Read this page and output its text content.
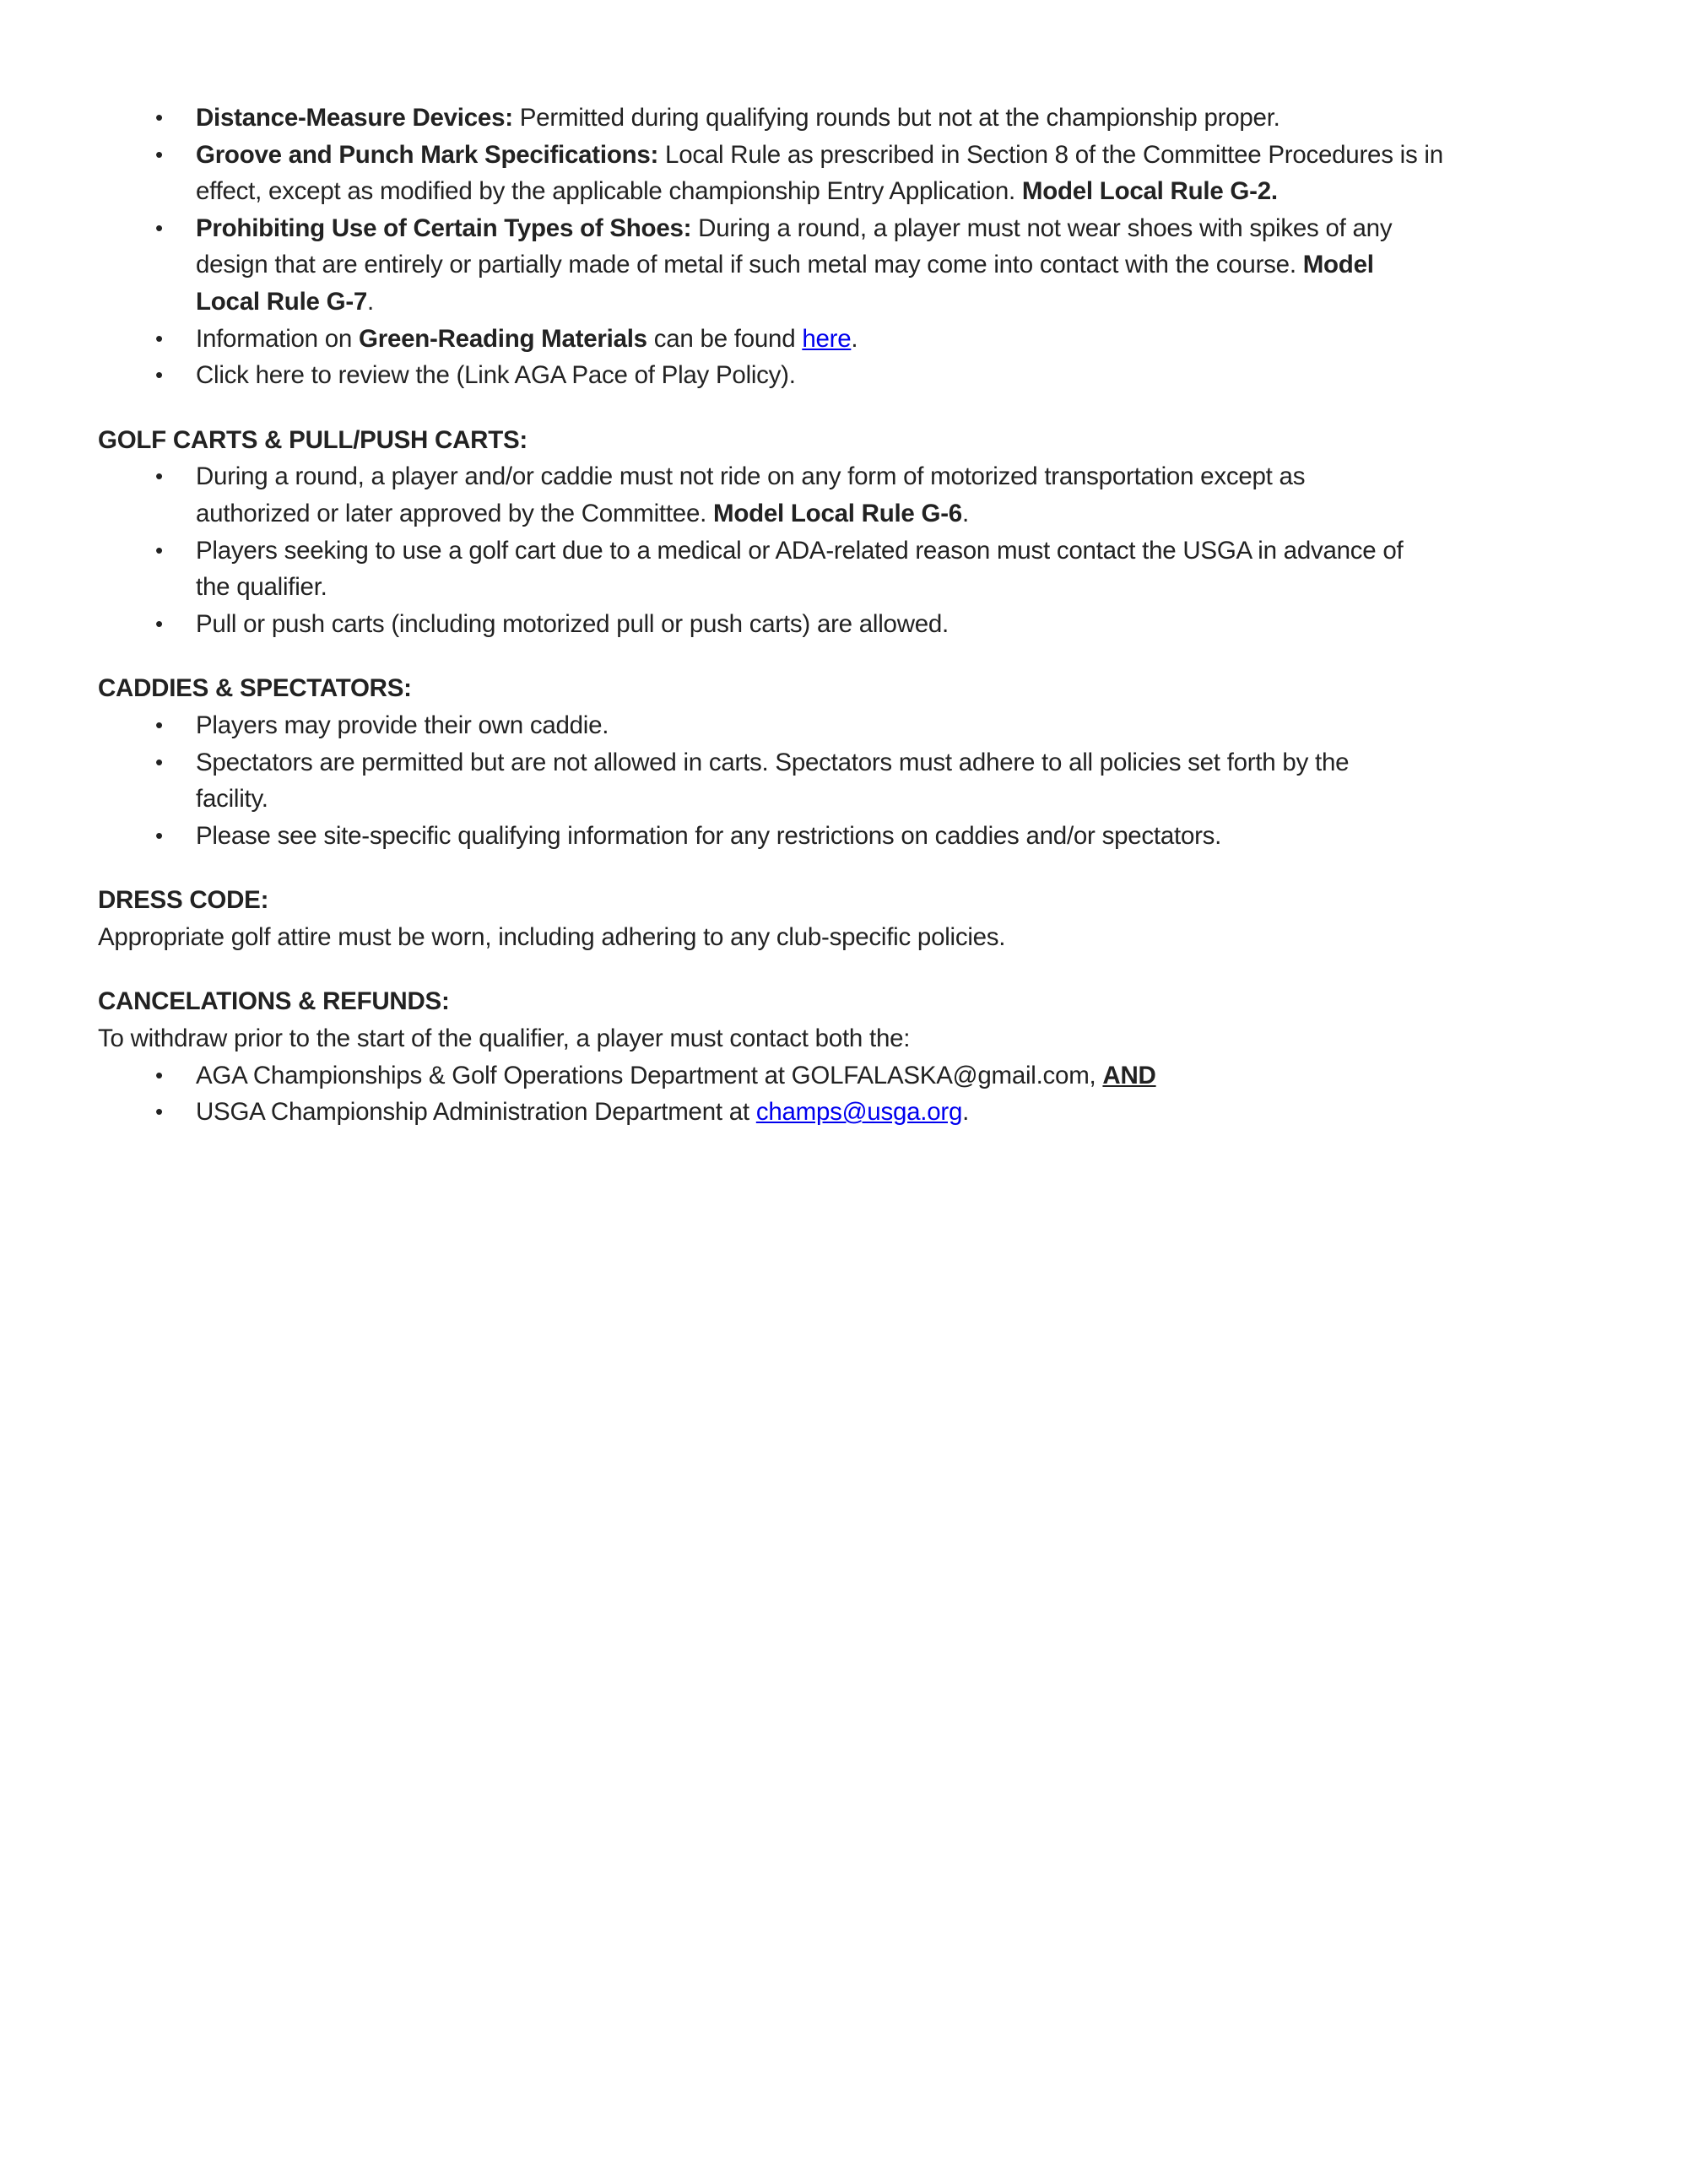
• Distance-Measure Devices: Permitted during qualifying rounds but not at the championship proper.
• Groove and Punch Mark Specifications: Local Rule as prescribed in Section 8 of the Committee Procedures is in
effect, except as modified by the applicable championship Entry Application. Model Local Rule G-2.
• Prohibiting Use of Certain Types of Shoes: During a round, a player must not wear shoes with spikes of any
design that are entirely or partially made of metal if such metal may come into contact with the course. Model
Local Rule G-7.
• Information on Green-Reading Materials can be found here.
• Click here to review the (Link AGA Pace of Play Policy).
GOLF CARTS & PULL/PUSH CARTS:
• During a round, a player and/or caddie must not ride on any form of motorized transportation except as
authorized or later approved by the Committee. Model Local Rule G-6.
• Players seeking to use a golf cart due to a medical or ADA-related reason must contact the USGA in advance of
the qualifier.
• Pull or push carts (including motorized pull or push carts) are allowed.
CADDIES & SPECTATORS:
• Players may provide their own caddie.
• Spectators are permitted but are not allowed in carts. Spectators must adhere to all policies set forth by the
facility.
• Please see site-specific qualifying information for any restrictions on caddies and/or spectators.
DRESS CODE:
Appropriate golf attire must be worn, including adhering to any club-specific policies.
CANCELATIONS & REFUNDS:
To withdraw prior to the start of the qualifier, a player must contact both the:
• AGA Championships & Golf Operations Department at GOLFALASKA@gmail.com, AND
• USGA Championship Administration Department at champs@usga.org.
